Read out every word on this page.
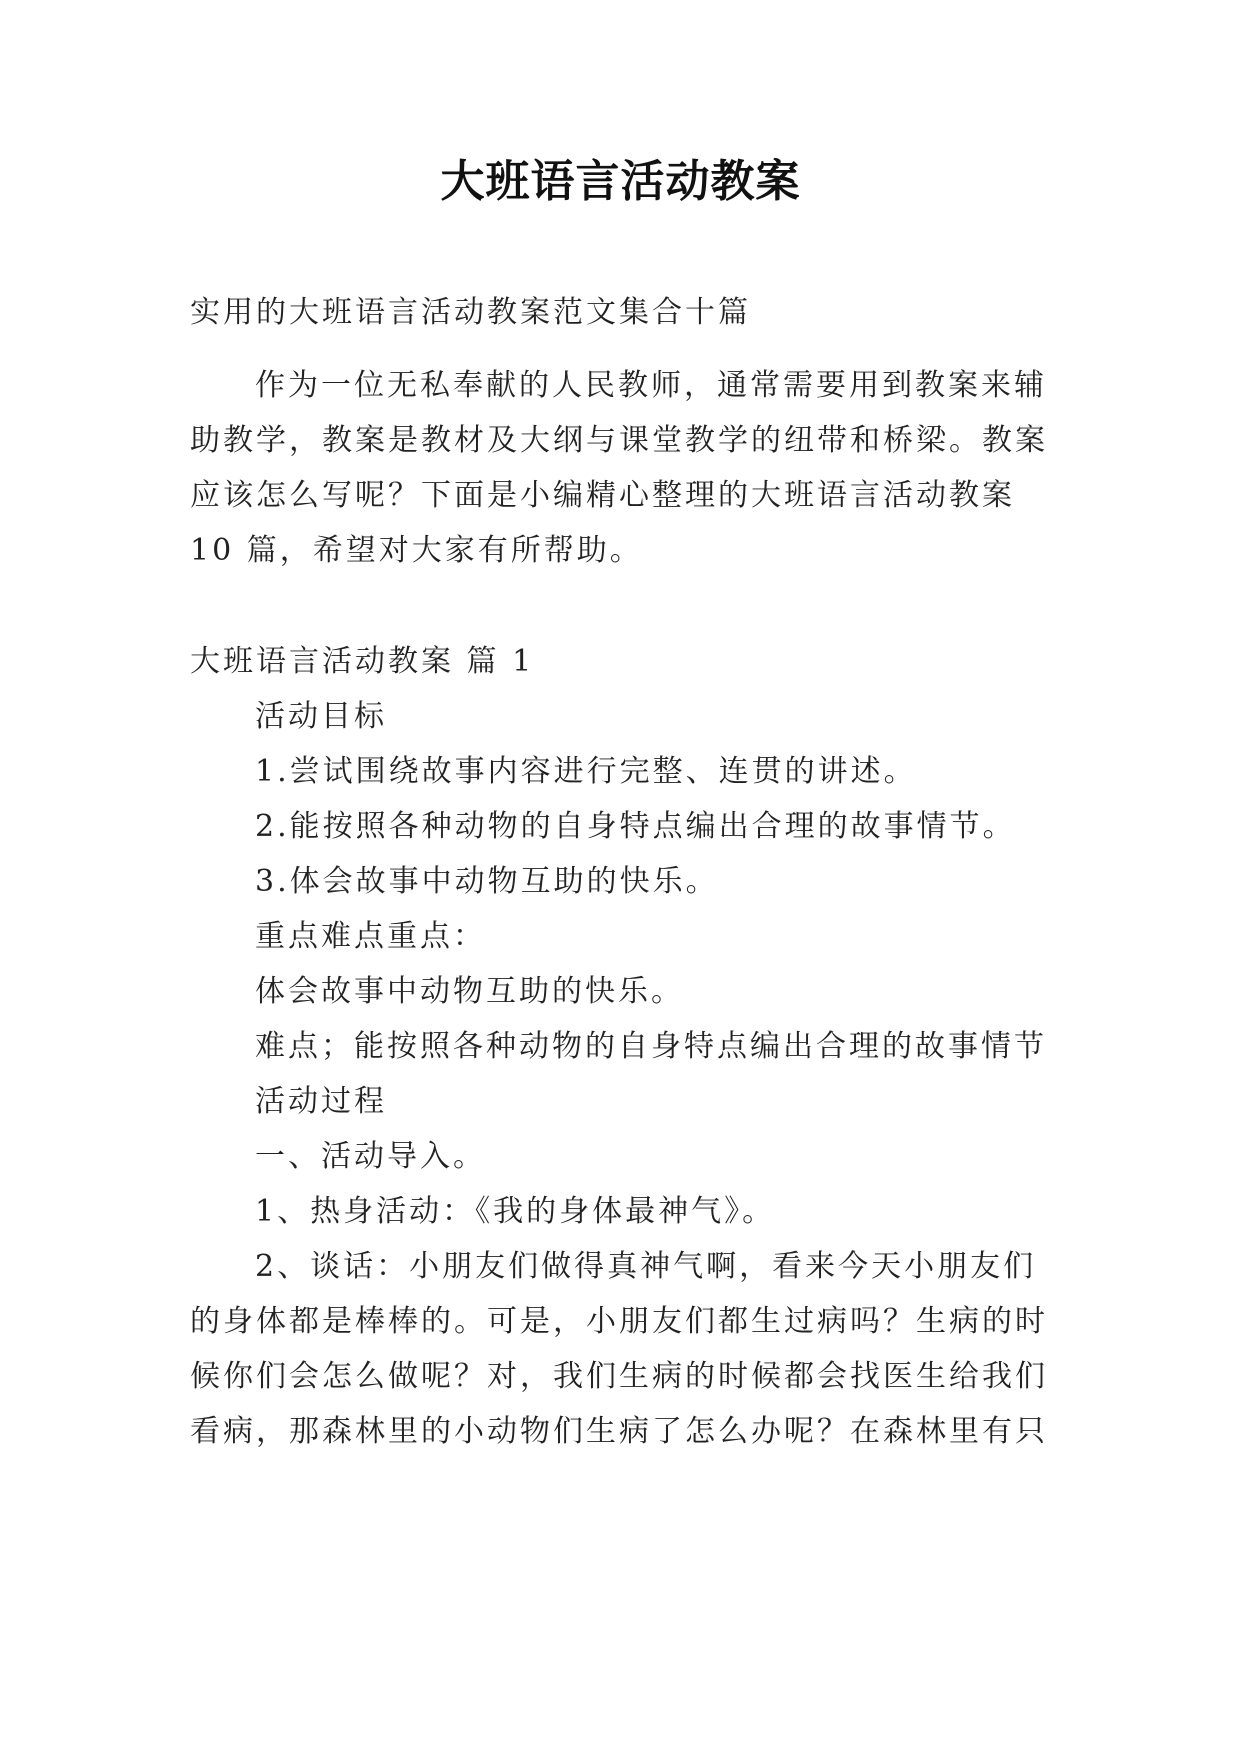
大班语言活动教案
实用的大班语言活动教案范文集合十篇
作为一位无私奉献的人民教师，通常需要用到教案来辅
助教学，教案是教材及大纲与课堂教学的纽带和桥梁。教案
应该怎么写呢？下面是小编精心整理的大班语言活动教案
10 篇，希望对大家有所帮助。
大班语言活动教案 篇 1
活动目标
1.尝试围绕故事内容进行完整、连贯的讲述。
2.能按照各种动物的自身特点编出合理的故事情节。
3.体会故事中动物互助的快乐。
重点难点重点：
体会故事中动物互助的快乐。
难点；能按照各种动物的自身特点编出合理的故事情节
活动过程
一、活动导入。
1、热身活动：《我的身体最神气》。
2、谈话：小朋友们做得真神气啊，看来今天小朋友们
的身体都是棒棒的。可是，小朋友们都生过病吗？生病的时
候你们会怎么做呢？对，我们生病的时候都会找医生给我们
看病，那森林里的小动物们生病了怎么办呢？在森林里有只
